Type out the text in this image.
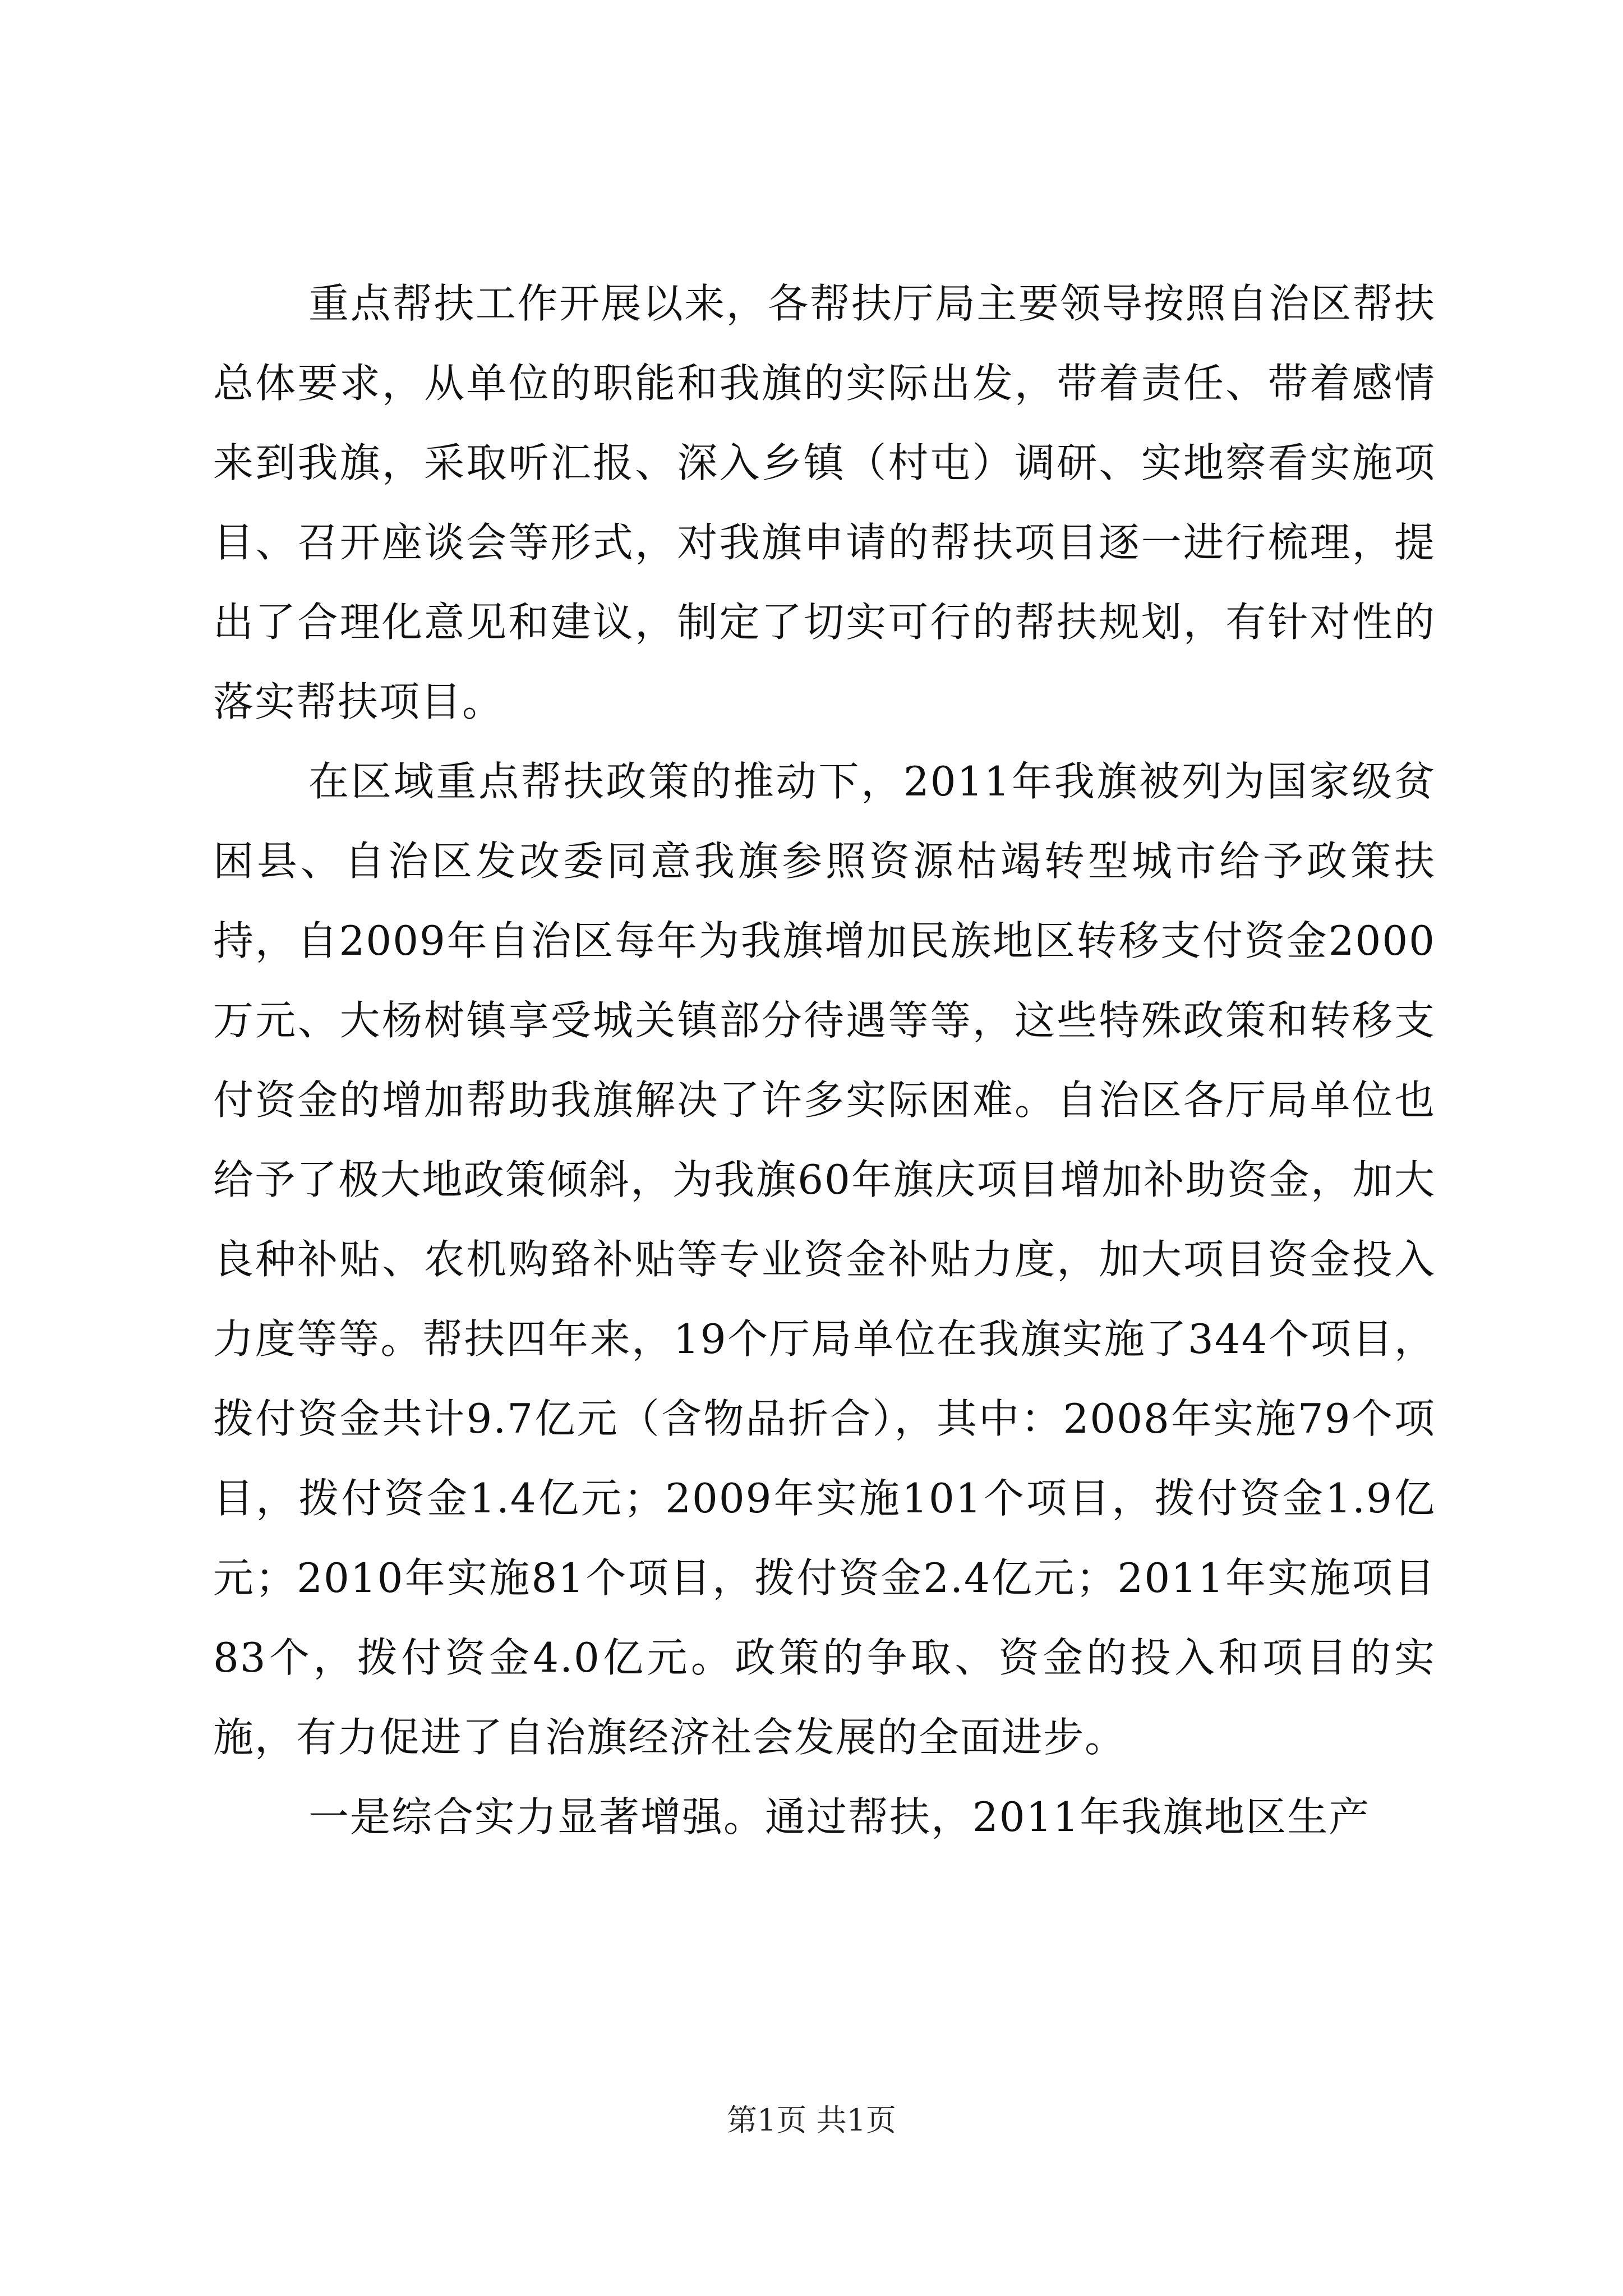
重点帮扶工作开展以来，各帮扶厅局主要领导按照自治区帮扶总体要求，从单位的职能和我旗的实际出发，带着责任、带着感情来到我旗，采取听汇报、深入乡镇（村屯）调研、实地察看实施项目、召开座谈会等形式，对我旗申请的帮扶项目逐一进行梳理，提出了合理化意见和建议，制定了切实可行的帮扶规划，有针对性的落实帮扶项目。

在区域重点帮扶政策的推动下，2011年我旗被列为国家级贫困县、自治区发改委同意我旗参照资源枯竭转型城市给予政策扶持，自2009年自治区每年为我旗增加民族地区转移支付资金2000万元、大杨树镇享受城关镇部分待遇等等，这些特殊政策和转移支付资金的增加帮助我旗解决了许多实际困难。自治区各厅局单位也给予了极大地政策倾斜，为我旗60年旗庆项目增加补助资金，加大良种补贴、农机购臵补贴等专业资金补贴力度，加大项目资金投入力度等等。帮扶四年来，19个厅局单位在我旗实施了344个项目，拨付资金共计9.7亿元（含物品折合），其中：2008年实施79个项目，拨付资金1.4亿元；2009年实施101个项目，拨付资金1.9亿元；2010年实施81个项目，拨付资金2.4亿元；2011年实施项目83个，拨付资金4.0亿元。政策的争取、资金的投入和项目的实施，有力促进了自治旗经济社会发展的全面进步。

一是综合实力显著增强。通过帮扶，2011年我旗地区生产

第1页 共1页
